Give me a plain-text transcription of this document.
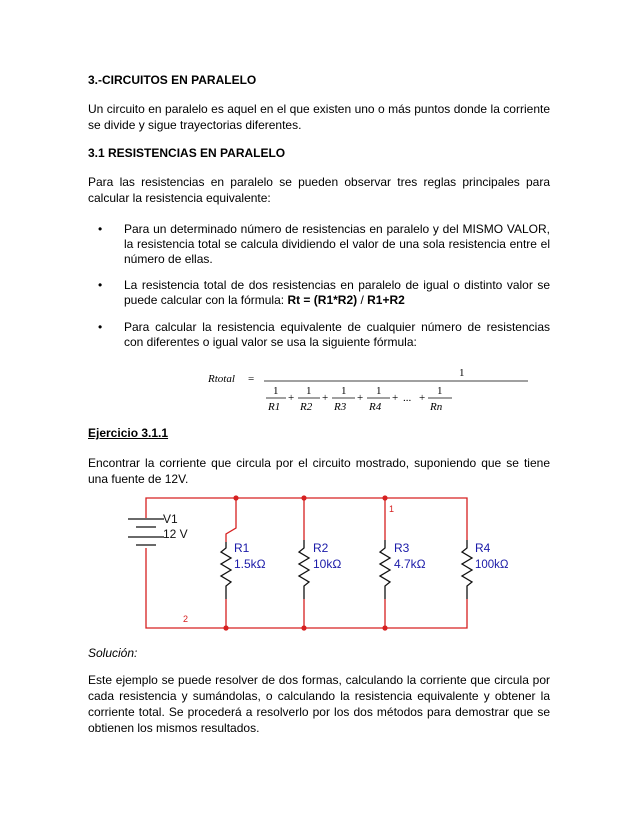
3.-CIRCUITOS EN PARALELO
Un circuito en paralelo es aquel en el que existen uno o más puntos donde la corriente se divide y sigue trayectorias diferentes.
3.1 RESISTENCIAS EN PARALELO
Para las resistencias en paralelo se pueden observar tres reglas principales para calcular la resistencia equivalente:
• Para un determinado número de resistencias en paralelo y del MISMO VALOR, la resistencia total se calcula dividiendo el valor de una sola resistencia entre el número de ellas.
• La resistencia total de dos resistencias en paralelo de igual o distinto valor se puede calcular con la fórmula: Rt = (R1*R2) / R1+R2
• Para calcular la resistencia equivalente de cualquier número de resistencias con diferentes o igual valor se usa la siguiente fórmula:
Rtotal =	1
1
R1
+
1
R2
+
1
R3
+
1
R4
+ ... +
1
Rn
Ejercicio 3.1.1
Encontrar la corriente que circula por el circuito mostrado, suponiendo que se tiene una fuente de 12V.
Solución:
Este ejemplo se puede resolver de dos formas, calculando la corriente que circula por cada resistencia y sumándolas, o calculando la resistencia equivalente y obtener la corriente total. Se procederá a resolverlo por los dos métodos para demostrar que se obtienen los mismos resultados.
V1
12 V
R1
1.5kΩ
R2
10kΩ
R3
4.7kΩ
R4
100kΩ
1
2
